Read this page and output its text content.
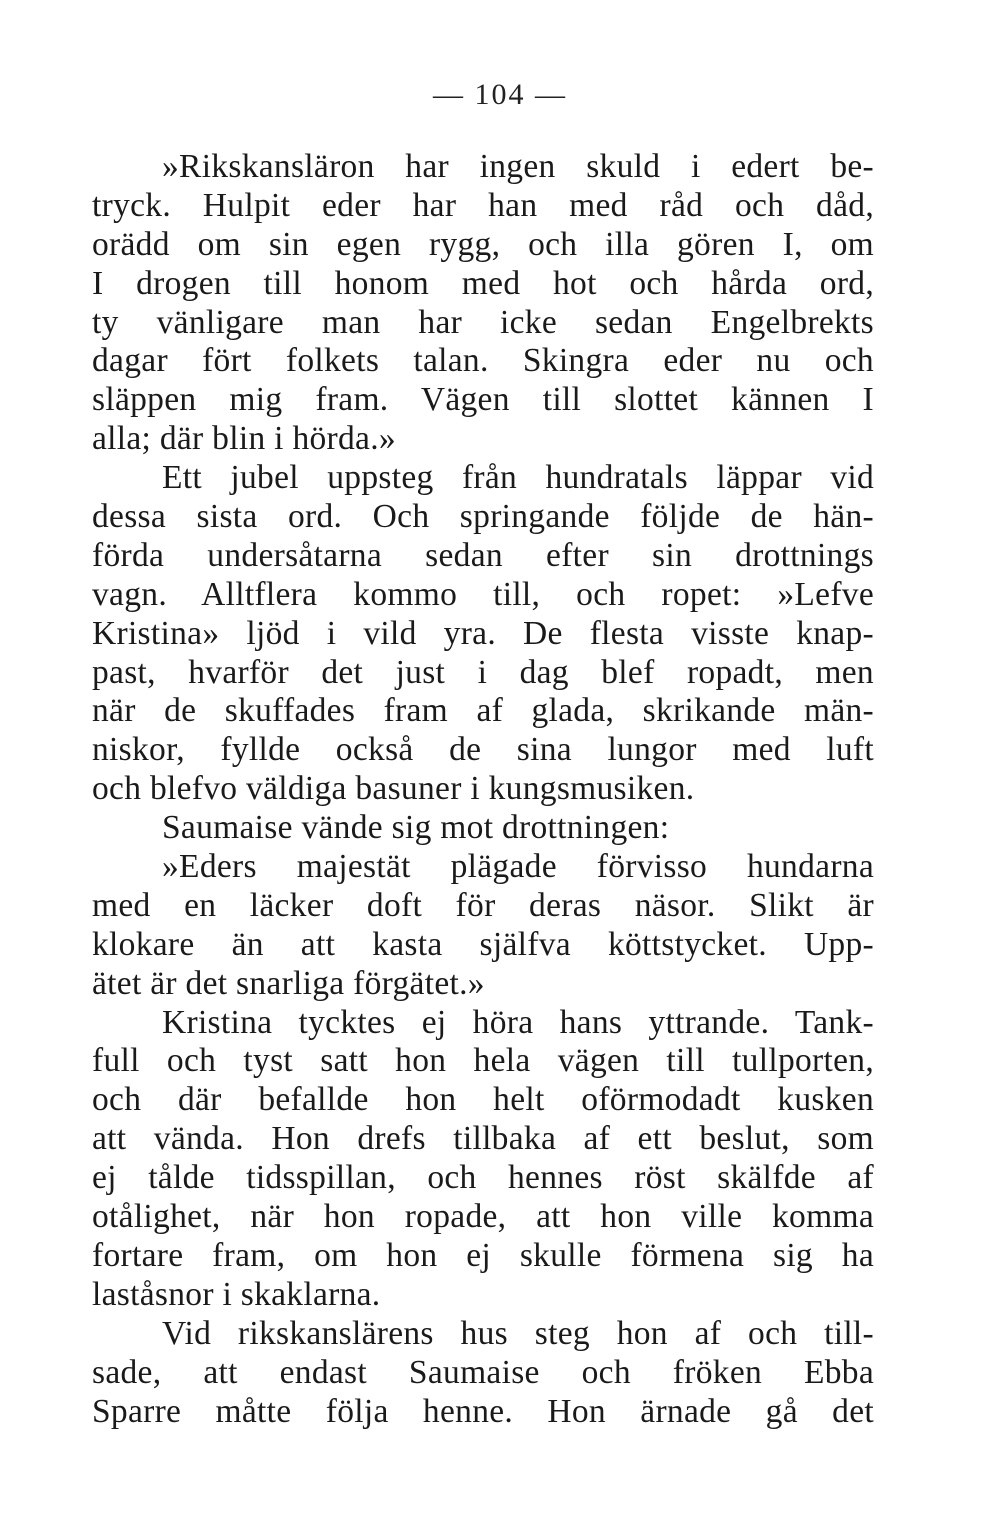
— 104 —
»Rikskansläron har ingen skuld i edert be-
tryck. Hulpit eder har han med råd och dåd,
orädd om sin egen rygg, och illa gören I, om
I drogen till honom med hot och hårda ord,
ty vänligare man har icke sedan Engelbrekts
dagar fört folkets talan. Skingra eder nu och
släppen mig fram. Vägen till slottet kännen I
alla; där blin i hörda.»
Ett jubel uppsteg från hundratals läppar vid
dessa sista ord. Och springande följde de hän-
förda undersåtarna sedan efter sin drottnings
vagn. Alltflera kommo till, och ropet: »Lefve
Kristina» ljöd i vild yra. De flesta visste knap-
past, hvarför det just i dag blef ropadt, men
när de skuffades fram af glada, skrikande män-
niskor, fyllde också de sina lungor med luft
och blefvo väldiga basuner i kungsmusiken.
Saumaise vände sig mot drottningen:
»Eders majestät plägade förvisso hundarna
med en läcker doft för deras näsor. Slikt är
klokare än att kasta själfva köttstycket. Upp-
ätet är det snarliga förgätet.»
Kristina tycktes ej höra hans yttrande. Tank-
full och tyst satt hon hela vägen till tullporten,
och där befallde hon helt oförmodadt kusken
att vända. Hon drefs tillbaka af ett beslut, som
ej tålde tidsspillan, och hennes röst skälfde af
otålighet, när hon ropade, att hon ville komma
fortare fram, om hon ej skulle förmena sig ha
laståsnor i skaklarna.
Vid rikskanslärens hus steg hon af och till-
sade, att endast Saumaise och fröken Ebba
Sparre måtte följa henne. Hon ärnade gå det
